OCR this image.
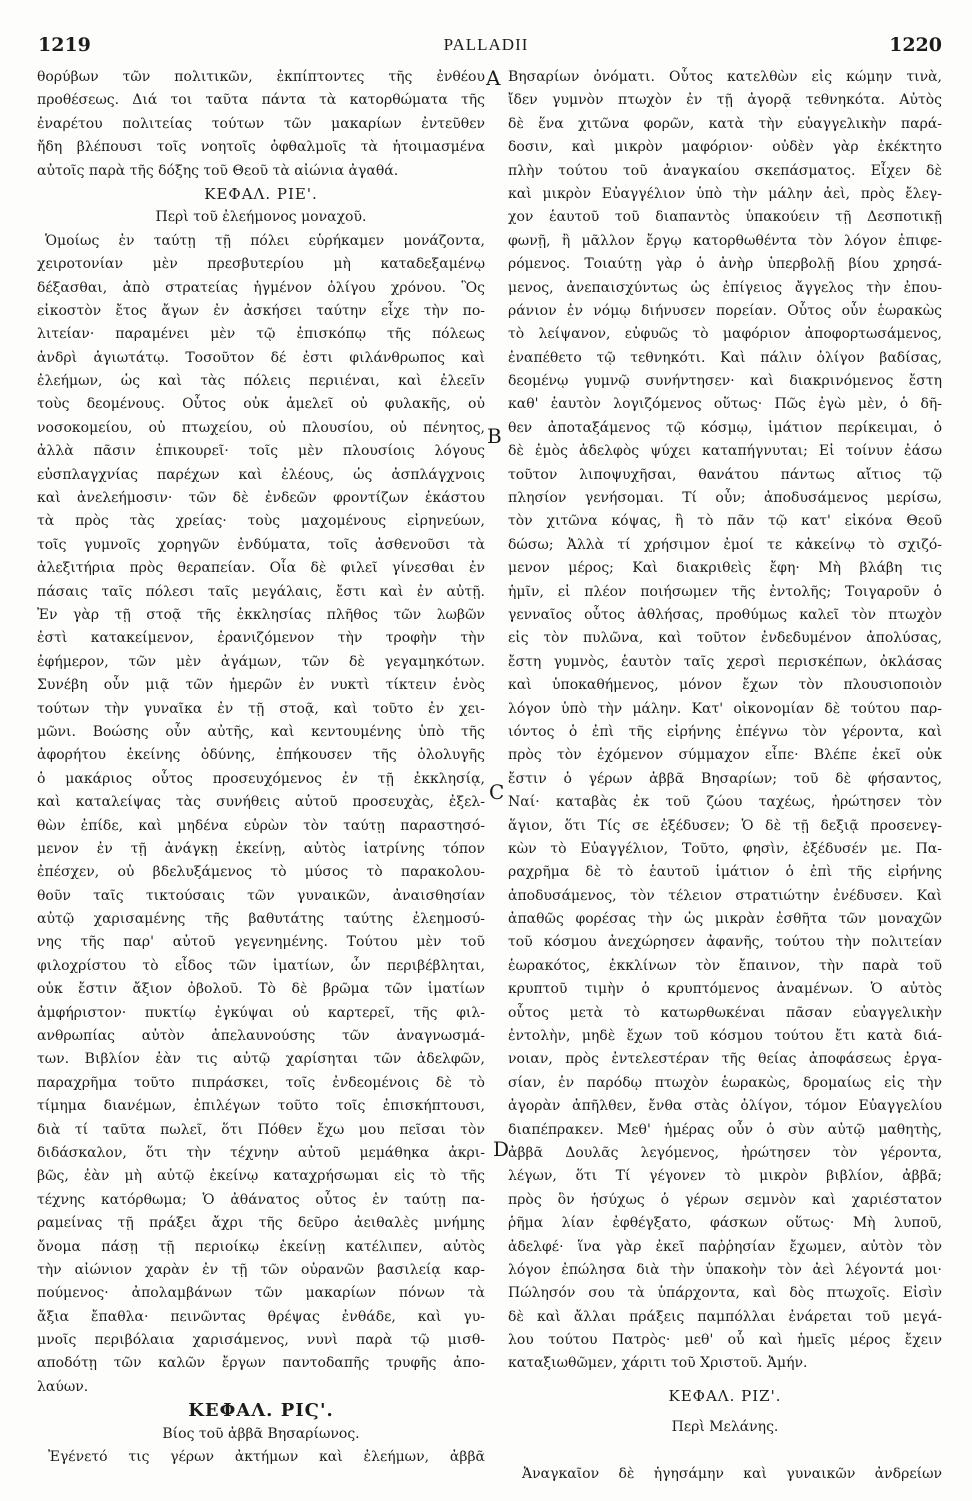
1219	PALLADII	1220
θορύβων τῶν πολιτικῶν, ἐκπίπτοντες τῆς ἐνθέου
προθέσεως. Διά τοι ταῦτα πάντα τὰ κατορθώματα τῆς
ἐναρέτου πολιτείας τούτων τῶν μακαρίων ἐντεῦθεν
ἤδη βλέπουσι τοῖς νοητοῖς ὀφθαλμοῖς τὰ ἡτοιμασμένα
αὐτοῖς παρὰ τῆς δόξης τοῦ Θεοῦ τὰ αἰώνια ἀγαθά.
ΚΕΦΑΛ. ΡΙΕ'.
Περὶ τοῦ ἐλεήμονος μοναχοῦ.
Ὁμοίως ἐν ταύτῃ τῇ πόλει εὑρήκαμεν μονάζοντα,
χειροτονίαν μὲν πρεσβυτερίου μὴ καταδεξαμένῳ
δέξασθαι, ἀπὸ στρατείας ἡγμένον ὀλίγου χρόνου. Ὃς
εἰκοστὸν ἔτος ἄγων ἐν ἀσκήσει ταύτην εἶχε τὴν πο-
λιτείαν· παραμένει μὲν τῷ ἐπισκόπῳ τῆς πόλεως
ἀνδρὶ ἁγιωτάτῳ. Τοσοῦτον δέ ἐστι φιλάνθρωπος καὶ
ἐλεήμων, ὡς καὶ τὰς πόλεις περιιέναι, καὶ ἐλεεῖν
τοὺς δεομένους. Οὗτος οὐκ ἀμελεῖ οὐ φυλακῆς, οὐ
νοσοκομείου, οὐ πτωχείου, οὐ πλουσίου, οὐ πένητος,
ἀλλὰ πᾶσιν ἐπικουρεῖ· τοῖς μὲν πλουσίοις λόγους
εὐσπλαγχνίας παρέχων καὶ ἐλέους, ὡς ἀσπλάγχνοις
καὶ ἀνελεήμοσιν· τῶν δὲ ἐνδεῶν φροντίζων ἑκάστου
τὰ πρὸς τὰς χρείας· τοὺς μαχομένους εἰρηνεύων,
τοῖς γυμνοῖς χορηγῶν ἐνδύματα, τοῖς ἀσθενοῦσι τὰ
ἀλεξιτήρια πρὸς θεραπείαν. Οἷα δὲ φιλεῖ γίνεσθαι ἐν
πάσαις ταῖς πόλεσι ταῖς μεγάλαις, ἔστι καὶ ἐν αὐτῇ.
Ἐν γὰρ τῇ στοᾷ τῆς ἐκκλησίας πλῆθος τῶν λωβῶν
ἐστὶ κατακείμενον, ἐρανιζόμενον τὴν τροφὴν τὴν
ἐφήμερον, τῶν μὲν ἀγάμων, τῶν δὲ γεγαμηκότων.
Συνέβη οὖν μιᾷ τῶν ἡμερῶν ἐν νυκτὶ τίκτειν ἑνὸς
τούτων τὴν γυναῖκα ἐν τῇ στοᾷ, καὶ τοῦτο ἐν χει-
μῶνι. Βοώσης οὖν αὐτῆς, καὶ κεντουμένης ὑπὸ τῆς
ἀφορήτου ἐκείνης ὀδύνης, ἐπήκουσεν τῆς ὀλολυγῆς
ὁ μακάριος οὗτος προσευχόμενος ἐν τῇ ἐκκλησίᾳ,
καὶ καταλείψας τὰς συνήθεις αὐτοῦ προσευχὰς, ἐξελ-
θὼν ἐπίδε, καὶ μηδένα εὑρὼν τὸν ταύτῃ παραστησό-
μενον ἐν τῇ ἀνάγκῃ ἐκείνῃ, αὐτὸς ἰατρίνης τόπον
ἐπέσχεν, οὐ βδελυξάμενος τὸ μύσος τὸ παρακολου-
θοῦν ταῖς τικτούσαις τῶν γυναικῶν, ἀναισθησίαν
αὐτῷ χαρισαμένης τῆς βαθυτάτης ταύτης ἐλεημοσύ-
νης τῆς παρ' αὐτοῦ γεγενημένης. Τούτου μὲν τοῦ
φιλοχρίστου τὸ εἶδος τῶν ἱματίων, ὧν περιβέβληται,
οὐκ ἔστιν ἄξιον ὀβολοῦ. Τὸ δὲ βρῶμα τῶν ἱματίων
ἀμφήριστον· πυκτίῳ ἐγκύψαι οὐ καρτερεῖ, τῆς φιλ-
ανθρωπίας αὐτὸν ἀπελαυνούσης τῶν ἀναγνωσμά-
των. Βιβλίον ἐὰν τις αὐτῷ χαρίσηται τῶν ἀδελφῶν,
παραχρῆμα τοῦτο πιπράσκει, τοῖς ἐνδεομένοις δὲ τὸ
τίμημα διανέμων, ἐπιλέγων τοῦτο τοῖς ἐπισκήπτουσι,
διὰ τί ταῦτα πωλεῖ, ὅτι Πόθεν ἔχω μου πεῖσαι τὸν
διδάσκαλον, ὅτι τὴν τέχνην αὐτοῦ μεμάθηκα ἀκρι-
βῶς, ἐὰν μὴ αὐτῷ ἐκείνῳ καταχρήσωμαι εἰς τὸ τῆς
τέχνης κατόρθωμα; Ὁ ἀθάνατος οὗτος ἐν ταύτῃ πα-
ραμείνας τῇ πράξει ἄχρι τῆς δεῦρο ἀειθαλὲς μνήμης
ὄνομα πάσῃ τῇ περιοίκῳ ἐκείνῃ κατέλιπεν, αὐτὸς
τὴν αἰώνιον χαρὰν ἐν τῇ τῶν οὐρανῶν βασιλείᾳ καρ-
πούμενος· ἀπολαμβάνων τῶν μακαρίων πόνων τὰ
ἄξια ἔπαθλα· πεινῶντας θρέψας ἐνθάδε, καὶ γυ-
μνοῖς περιβόλαια χαρισάμενος, νυνὶ παρὰ τῷ μισθ-
αποδότῃ τῶν καλῶν ἔργων παντοδαπῆς τρυφῆς ἀπο-
λαύων.
ΚΕΦΑΛ. ΡΙϚ'.
Βίος τοῦ ἀββᾶ Βησαρίωνος.
Ἐγένετό τις γέρων ἀκτήμων καὶ ἐλεήμων, ἀββᾶ
A
B
C
D
Βησαρίων ὀνόματι. Οὗτος κατελθὼν εἰς κώμην τινὰ,
ἴδεν γυμνὸν πτωχὸν ἐν τῇ ἀγορᾷ τεθνηκότα. Αὐτὸς
δὲ ἕνα χιτῶνα φορῶν, κατὰ τὴν εὐαγγελικὴν παρά-
δοσιν, καὶ μικρὸν μαφόριον· οὐδὲν γὰρ ἐκέκτητο
πλὴν τούτου τοῦ ἀναγκαίου σκεπάσματος. Εἶχεν δὲ
καὶ μικρὸν Εὐαγγέλιον ὑπὸ τὴν μάλην ἀεὶ, πρὸς ἔλεγ-
χον ἑαυτοῦ τοῦ διαπαντὸς ὑπακούειν τῇ Δεσποτικῇ
φωνῇ, ἢ μᾶλλον ἔργῳ κατορθωθέντα τὸν λόγον ἐπιφε-
ρόμενος. Τοιαύτῃ γὰρ ὁ ἀνὴρ ὑπερβολῇ βίου χρησά-
μενος, ἀνεπαισχύντως ὡς ἐπίγειος ἄγγελος τὴν ἐπου-
ράνιον ἐν νόμῳ διήνυσεν πορείαν. Οὗτος οὖν ἑωρακὼς
τὸ λείψανον, εὐφυῶς τὸ μαφόριον ἀποφορτωσάμενος,
ἐναπέθετο τῷ τεθνηκότι. Καὶ πάλιν ὀλίγον βαδίσας,
δεομένῳ γυμνῷ συνήντησεν· καὶ διακρινόμενος ἔστη
καθ' ἑαυτὸν λογιζόμενος οὕτως· Πῶς ἐγὼ μὲν, ὁ δῆ-
θεν ἀποταξάμενος τῷ κόσμῳ, ἱμάτιον περίκειμαι, ὁ
δὲ ἐμὸς ἀδελφὸς ψύχει καταπήγνυται; Εἰ τοίνυν ἐάσω
τοῦτον λιποψυχῆσαι, θανάτου πάντως αἴτιος τῷ
πλησίον γενήσομαι. Τί οὖν; ἀποδυσάμενος μερίσω,
τὸν χιτῶνα κόψας, ἢ τὸ πᾶν τῷ κατ' εἰκόνα Θεοῦ
δώσω; Ἀλλὰ τί χρήσιμον ἐμοί τε κἀκείνῳ τὸ σχιζό-
μενον μέρος; Καὶ διακριθεὶς ἔφη· Μὴ βλάβη τις
ἡμῖν, εἰ πλέον ποιήσωμεν τῆς ἐντολῆς; Τοιγαροῦν ὁ
γενναῖος οὗτος ἀθλήσας, προθύμως καλεῖ τὸν πτωχὸν
εἰς τὸν πυλῶνα, καὶ τοῦτον ἐνδεδυμένον ἀπολύσας,
ἔστη γυμνὸς, ἑαυτὸν ταῖς χερσὶ περισκέπων, ὀκλάσας
καὶ ὑποκαθήμενος, μόνον ἔχων τὸν πλουσιοποιὸν
λόγον ὑπὸ τὴν μάλην. Κατ' οἰκονομίαν δὲ τούτου παρ-
ιόντος ὁ ἐπὶ τῆς εἰρήνης ἐπέγνω τὸν γέροντα, καὶ
πρὸς τὸν ἐχόμενον σύμμαχον εἶπε· Βλέπε ἐκεῖ οὐκ
ἔστιν ὁ γέρων ἀββᾶ Βησαρίων; τοῦ δὲ φήσαντος,
Ναί· καταβὰς ἐκ τοῦ ζώου ταχέως, ἠρώτησεν τὸν
ἅγιον, ὅτι Τίς σε ἐξέδυσεν; Ὁ δὲ τῇ δεξιᾷ προσενεγ-
κὼν τὸ Εὐαγγέλιον, Τοῦτο, φησὶν, ἐξέδυσέν με. Πα-
ραχρῆμα δὲ τὸ ἑαυτοῦ ἱμάτιον ὁ ἐπὶ τῆς εἰρήνης
ἀποδυσάμενος, τὸν τέλειον στρατιώτην ἐνέδυσεν. Καὶ
ἀπαθῶς φορέσας τὴν ὡς μικρὰν ἐσθῆτα τῶν μοναχῶν
τοῦ κόσμου ἀνεχώρησεν ἀφανῆς, τούτου τὴν πολιτείαν
ἑωρακότος, ἐκκλίνων τὸν ἔπαινον, τὴν παρὰ τοῦ
κρυπτοῦ τιμὴν ὁ κρυπτόμενος ἀναμένων. Ὁ αὐτὸς
οὗτος μετὰ τὸ κατωρθωκέναι πᾶσαν εὐαγγελικὴν
ἐντολὴν, μηδὲ ἔχων τοῦ κόσμου τούτου ἔτι κατὰ διά-
νοιαν, πρὸς ἐντελεστέραν τῆς θείας ἀποφάσεως ἐργα-
σίαν, ἐν παρόδῳ πτωχὸν ἑωρακὼς, δρομαίως εἰς τὴν
ἀγορὰν ἀπῆλθεν, ἔνθα στὰς ὀλίγον, τόμον Εὐαγγελίου
διαπέπρακεν. Μεθ' ἡμέρας οὖν ὁ σὺν αὐτῷ μαθητὴς,
ἀββᾶ Δουλᾶς λεγόμενος, ἠρώτησεν τὸν γέροντα,
λέγων, ὅτι Τί γέγονεν τὸ μικρὸν βιβλίον, ἀββᾶ;
πρὸς ὃν ἡσύχως ὁ γέρων σεμνὸν καὶ χαριέστατον
ῥῆμα λίαν ἐφθέγξατο, φάσκων οὕτως· Μὴ λυποῦ,
ἀδελφέ· ἵνα γὰρ ἐκεῖ παῤῥησίαν ἔχωμεν, αὐτὸν τὸν
λόγον ἐπώλησα διὰ τὴν ὑπακοὴν τὸν ἀεὶ λέγοντά μοι·
Πώλησόν σου τὰ ὑπάρχοντα, καὶ δὸς πτωχοῖς. Εἰσὶν
δὲ καὶ ἄλλαι πράξεις παμπόλλαι ἐνάρεται τοῦ μεγά-
λου τούτου Πατρὸς· μεθ' οὗ καὶ ἡμεῖς μέρος ἔχειν
καταξιωθῶμεν, χάριτι τοῦ Χριστοῦ. Ἀμήν.
ΚΕΦΑΛ. ΡΙΖ'.
Περὶ Μελάνης.
Ἀναγκαῖον δὲ ἡγησάμην καὶ γυναικῶν ἀνδρείων
